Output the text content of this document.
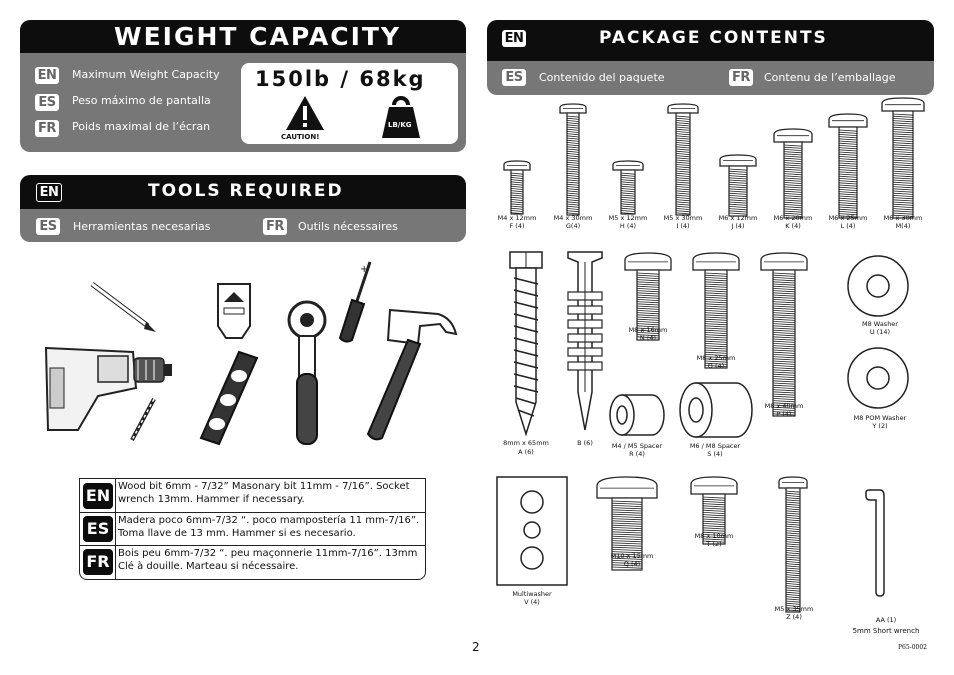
WEIGHT CAPACITY
EN Maximum Weight Capacity
ES	Peso máximo de pantalla
FR Poids maximal de l’écran
150lb / 68kg
CAUTION!
LB/KG
EN	TOOLS REQUIRED
ES	Herramientas necesarias	FR Outils nécessaires
+
EN Wood bit 6mm - 7/32” Masonary bit 11mm - 7/16”. Socket
wrench 13mm. Hammer if necessary.
ES Madera poco 6mm-7/32 “. poco mampostería 11 mm-7/16”.
Toma llave de 13 mm. Hammer si es necesario.
FR Bois peu 6mm-7/32 “. peu maçonnerie 11mm-7/16”. 13mm
Clé à douille. Marteau si nécessaire.
EN	PACKAGE CONTENTS
ES	Contenido del paquete	FR Contenu de l’emballage
M4 x 12mm
F (4)
M4 x 30mm
G(4)
M5 x 12mm
H (4)
M5 x 30mm
I (4)
M6 x 12mm
J (4)
M6 x 20mm
K (4)
M6 x 25mm
L (4)
M6 x 30mm
M(4)
8mm x 65mm
A (6)
B (6)
M8 x 16mm
N (4)
M8 x 25mm
O (4)
M8 x 40mm
P (4)
M8 Washer
U (14)
M8 POM Washer
Y (2)
M4 / M5 Spacer
R (4)
M6 / M8 Spacer
S (4)
Multiwasher
V (4)
M10 x 15mm
Q (4)
M8 x 10mm
T (2)
M5 x 35mm
Z (4)	AA (1)
5mm Short wrench
2	P65-0002
